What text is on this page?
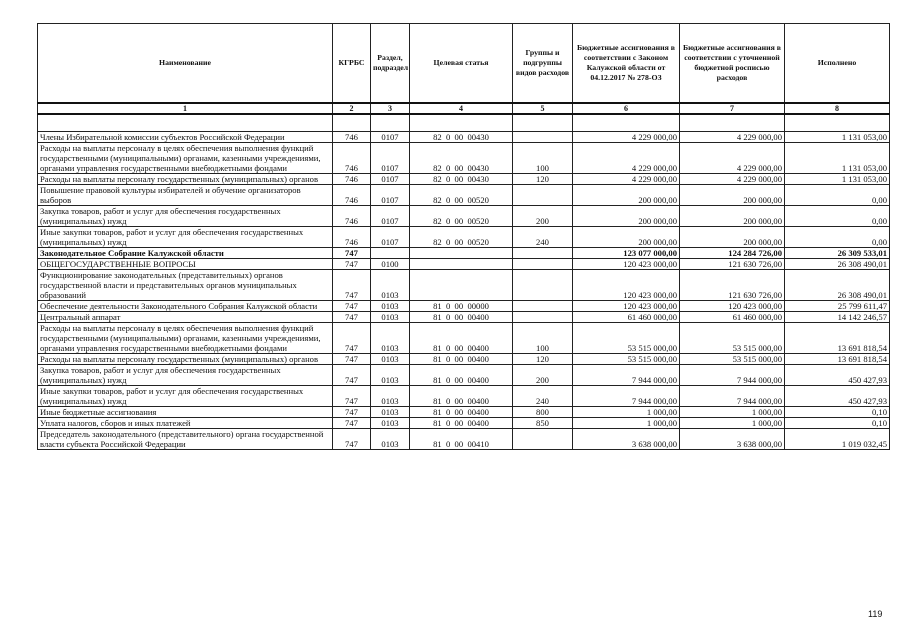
Наименование	КГРБС	Раздел, подраздел	Целевая статья	Группы и подгруппы видов расходов	Бюджетные ассигнования в соответствии с Законом Калужской области от 04.12.2017 № 278-ОЗ	Бюджетные ассигнования в соответствии с уточненной бюджетной росписью расходов	Исполнено
1	2	3	4	5	6	7	8

Члены Избирательной комиссии субъектов Российской Федерации	746	0107	82  0  00  00430		4 229 000,00	4 229 000,00	1 131 053,00
Расходы на выплаты персоналу в целях обеспечения выполнения функций государственными (муниципальными) органами, казенными учреждениями, органами управления государственными внебюджетными фондами	746	0107	82  0  00  00430	100	4 229 000,00	4 229 000,00	1 131 053,00
Расходы на выплаты персоналу государственных (муниципальных) органов	746	0107	82  0  00  00430	120	4 229 000,00	4 229 000,00	1 131 053,00
Повышение правовой культуры избирателей и обучение организаторов выборов	746	0107	82  0  00  00520		200 000,00	200 000,00	0,00
Закупка товаров, работ и услуг для обеспечения государственных (муниципальных) нужд	746	0107	82  0  00  00520	200	200 000,00	200 000,00	0,00
Иные закупки товаров, работ и услуг для обеспечения государственных (муниципальных) нужд	746	0107	82  0  00  00520	240	200 000,00	200 000,00	0,00
Законодательное Собрание Калужской области	747				123 077 000,00	124 284 726,00	26 309 533,01
ОБЩЕГОСУДАРСТВЕННЫЕ ВОПРОСЫ	747	0100			120 423 000,00	121 630 726,00	26 308 490,01
Функционирование законодательных (представительных) органов государственной власти и представительных органов муниципальных образований	747	0103			120 423 000,00	121 630 726,00	26 308 490,01
Обеспечение деятельности Законодательного Собрания Калужской области	747	0103	81  0  00  00000		120 423 000,00	120 423 000,00	25 799 611,47
Центральный аппарат	747	0103	81  0  00  00400		61 460 000,00	61 460 000,00	14 142 246,57
Расходы на выплаты персоналу в целях обеспечения выполнения функций государственными (муниципальными) органами, казенными учреждениями, органами управления государственными внебюджетными фондами	747	0103	81  0  00  00400	100	53 515 000,00	53 515 000,00	13 691 818,54
Расходы на выплаты персоналу государственных (муниципальных) органов	747	0103	81  0  00  00400	120	53 515 000,00	53 515 000,00	13 691 818,54
Закупка товаров, работ и услуг для обеспечения государственных (муниципальных) нужд	747	0103	81  0  00  00400	200	7 944 000,00	7 944 000,00	450 427,93
Иные закупки товаров, работ и услуг для обеспечения государственных (муниципальных) нужд	747	0103	81  0  00  00400	240	7 944 000,00	7 944 000,00	450 427,93
Иные бюджетные ассигнования	747	0103	81  0  00  00400	800	1 000,00	1 000,00	0,10
Уплата налогов, сборов и иных платежей	747	0103	81  0  00  00400	850	1 000,00	1 000,00	0,10
Председатель законодательного (представительного) органа государственной власти субъекта Российской Федерации	747	0103	81  0  00  00410		3 638 000,00	3 638 000,00	1 019 032,45
119
